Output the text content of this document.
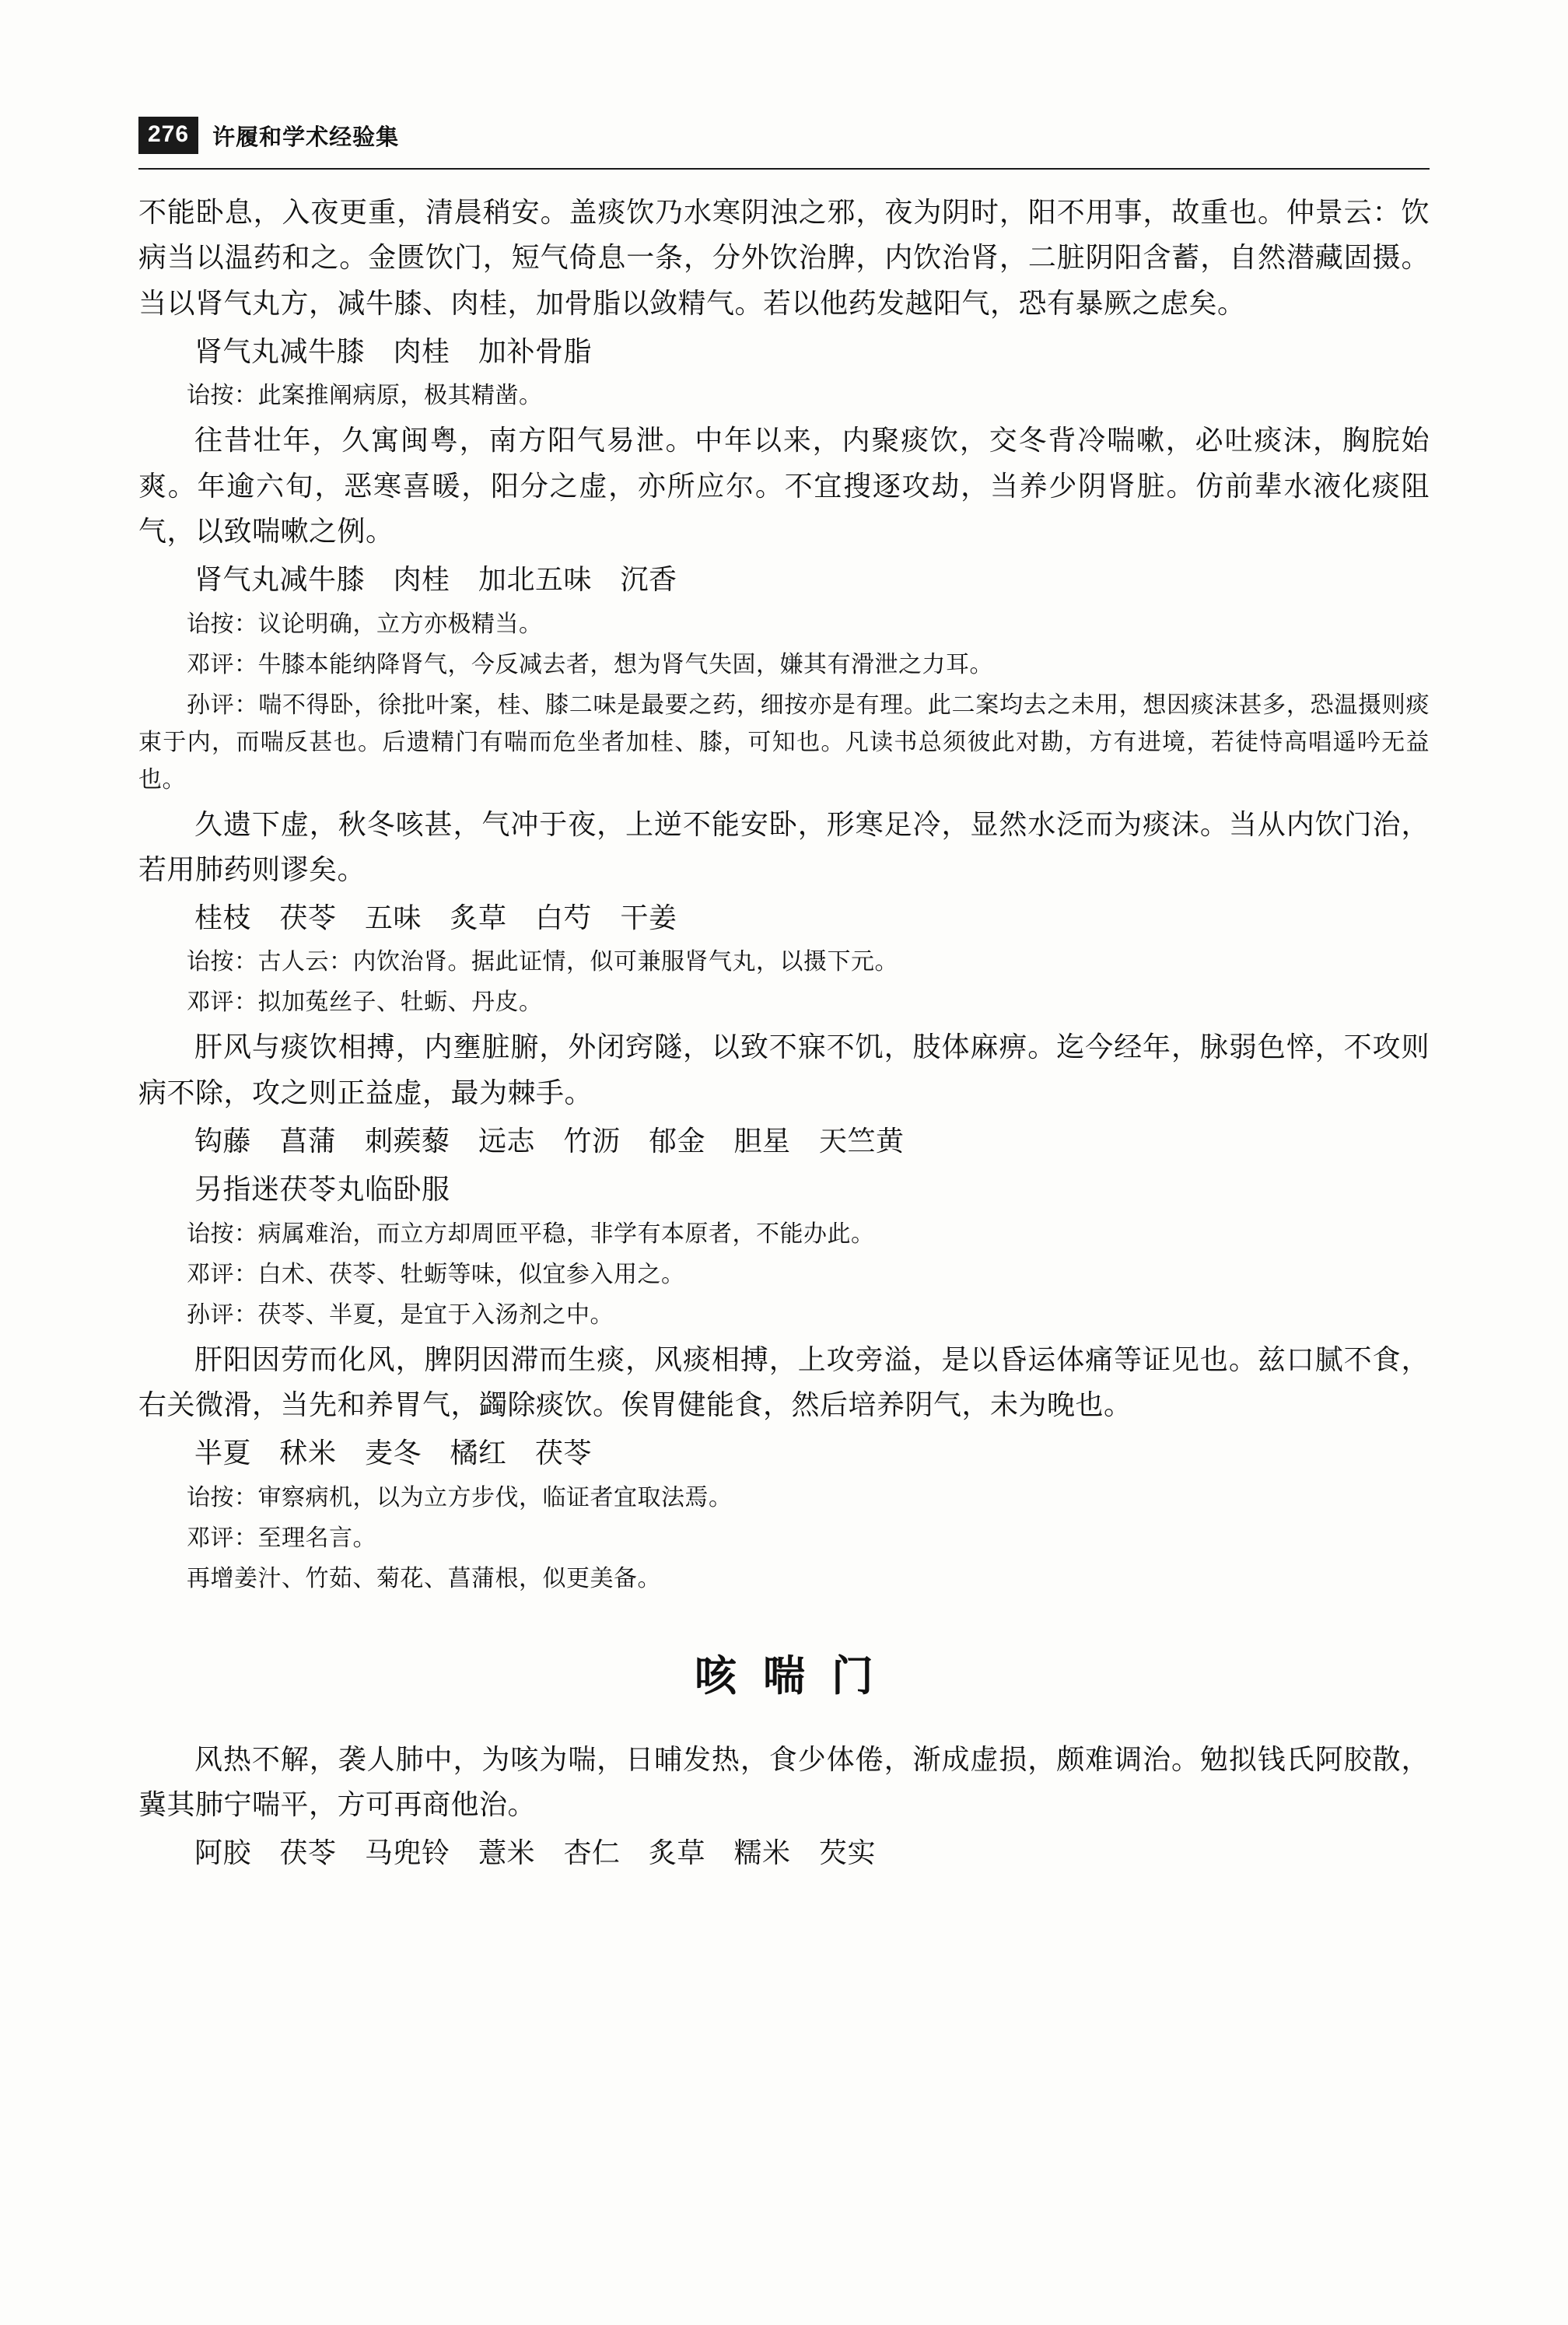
276	许履和学术经验集

不能卧息，入夜更重，清晨稍安。盖痰饮乃水寒阴浊之邪，夜为阴时，阳不用事，故重也。仲景云：饮病当以温药和之。金匮饮门，短气倚息一条，分外饮治脾，内饮治肾，二脏阴阳含蓄，自然潜藏固摄。当以肾气丸方，减牛膝、肉桂，加骨脂以敛精气。若以他药发越阳气，恐有暴厥之虑矣。

肾气丸减牛膝　肉桂　加补骨脂

诒按：此案推阐病原，极其精凿。

往昔壮年，久寓闽粤，南方阳气易泄。中年以来，内聚痰饮，交冬背冷喘嗽，必吐痰沫，胸脘始爽。年逾六旬，恶寒喜暖，阳分之虚，亦所应尔。不宜搜逐攻劫，当养少阴肾脏。仿前辈水液化痰阻气，以致喘嗽之例。

肾气丸减牛膝　肉桂　加北五味　沉香

诒按：议论明确，立方亦极精当。

邓评：牛膝本能纳降肾气，今反减去者，想为肾气失固，嫌其有滑泄之力耳。

孙评：喘不得卧，徐批叶案，桂、膝二味是最要之药，细按亦是有理。此二案均去之未用，想因痰沫甚多，恐温摄则痰束于内，而喘反甚也。后遗精门有喘而危坐者加桂、膝，可知也。凡读书总须彼此对勘，方有进境，若徒恃高唱遥吟无益也。

久遗下虚，秋冬咳甚，气冲于夜，上逆不能安卧，形寒足冷，显然水泛而为痰沫。当从内饮门治，若用肺药则谬矣。

桂枝　茯苓　五味　炙草　白芍　干姜

诒按：古人云：内饮治肾。据此证情，似可兼服肾气丸，以摄下元。

邓评：拟加菟丝子、牡蛎、丹皮。

肝风与痰饮相搏，内壅脏腑，外闭窍隧，以致不寐不饥，肢体麻痹。迄今经年，脉弱色悴，不攻则病不除，攻之则正益虚，最为棘手。

钩藤　菖蒲　刺蒺藜　远志　竹沥　郁金　胆星　天竺黄

另指迷茯苓丸临卧服

诒按：病属难治，而立方却周匝平稳，非学有本原者，不能办此。

邓评：白术、茯苓、牡蛎等味，似宜参入用之。

孙评：茯苓、半夏，是宜于入汤剂之中。

肝阳因劳而化风，脾阴因滞而生痰，风痰相搏，上攻旁溢，是以昏运体痛等证见也。兹口腻不食，右关微滑，当先和养胃气，蠲除痰饮。俟胃健能食，然后培养阴气，未为晚也。

半夏　秫米　麦冬　橘红　茯苓

诒按：审察病机，以为立方步伐，临证者宜取法焉。

邓评：至理名言。

再增姜汁、竹茹、菊花、菖蒲根，似更美备。

咳喘门

风热不解，袭人肺中，为咳为喘，日晡发热，食少体倦，渐成虚损，颇难调治。勉拟钱氏阿胶散，冀其肺宁喘平，方可再商他治。

阿胶　茯苓　马兜铃　薏米　杏仁　炙草　糯米　芡实
